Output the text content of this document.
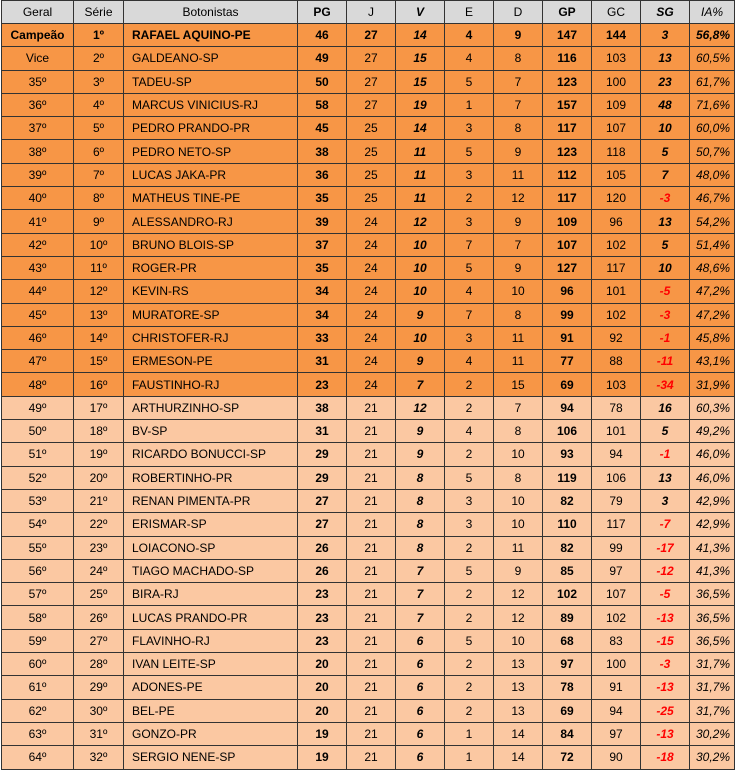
Geral	Série	Botonistas	PG	J	V	E	D	GP	GC	SG	IA%
Campeão	1º	RAFAEL AQUINO-PE	46	27	14	4	9	147	144	3	56,8%
Vice	2º	GALDEANO-SP	49	27	15	4	8	116	103	13	60,5%
35º	3º	TADEU-SP	50	27	15	5	7	123	100	23	61,7%
36º	4º	MARCUS VINICIUS-RJ	58	27	19	1	7	157	109	48	71,6%
37º	5º	PEDRO PRANDO-PR	45	25	14	3	8	117	107	10	60,0%
38º	6º	PEDRO NETO-SP	38	25	11	5	9	123	118	5	50,7%
39º	7º	LUCAS JAKA-PR	36	25	11	3	11	112	105	7	48,0%
40º	8º	MATHEUS TINE-PE	35	25	11	2	12	117	120	-3	46,7%
41º	9º	ALESSANDRO-RJ	39	24	12	3	9	109	96	13	54,2%
42º	10º	BRUNO BLOIS-SP	37	24	10	7	7	107	102	5	51,4%
43º	11º	ROGER-PR	35	24	10	5	9	127	117	10	48,6%
44º	12º	KEVIN-RS	34	24	10	4	10	96	101	-5	47,2%
45º	13º	MURATORE-SP	34	24	9	7	8	99	102	-3	47,2%
46º	14º	CHRISTOFER-RJ	33	24	10	3	11	91	92	-1	45,8%
47º	15º	ERMESON-PE	31	24	9	4	11	77	88	-11	43,1%
48º	16º	FAUSTINHO-RJ	23	24	7	2	15	69	103	-34	31,9%
49º	17º	ARTHURZINHO-SP	38	21	12	2	7	94	78	16	60,3%
50º	18º	BV-SP	31	21	9	4	8	106	101	5	49,2%
51º	19º	RICARDO BONUCCI-SP	29	21	9	2	10	93	94	-1	46,0%
52º	20º	ROBERTINHO-PR	29	21	8	5	8	119	106	13	46,0%
53º	21º	RENAN PIMENTA-PR	27	21	8	3	10	82	79	3	42,9%
54º	22º	ERISMAR-SP	27	21	8	3	10	110	117	-7	42,9%
55º	23º	LOIACONO-SP	26	21	8	2	11	82	99	-17	41,3%
56º	24º	TIAGO MACHADO-SP	26	21	7	5	9	85	97	-12	41,3%
57º	25º	BIRA-RJ	23	21	7	2	12	102	107	-5	36,5%
58º	26º	LUCAS PRANDO-PR	23	21	7	2	12	89	102	-13	36,5%
59º	27º	FLAVINHO-RJ	23	21	6	5	10	68	83	-15	36,5%
60º	28º	IVAN LEITE-SP	20	21	6	2	13	97	100	-3	31,7%
61º	29º	ADONES-PE	20	21	6	2	13	78	91	-13	31,7%
62º	30º	BEL-PE	20	21	6	2	13	69	94	-25	31,7%
63º	31º	GONZO-PR	19	21	6	1	14	84	97	-13	30,2%
64º	32º	SERGIO NENE-SP	19	21	6	1	14	72	90	-18	30,2%
